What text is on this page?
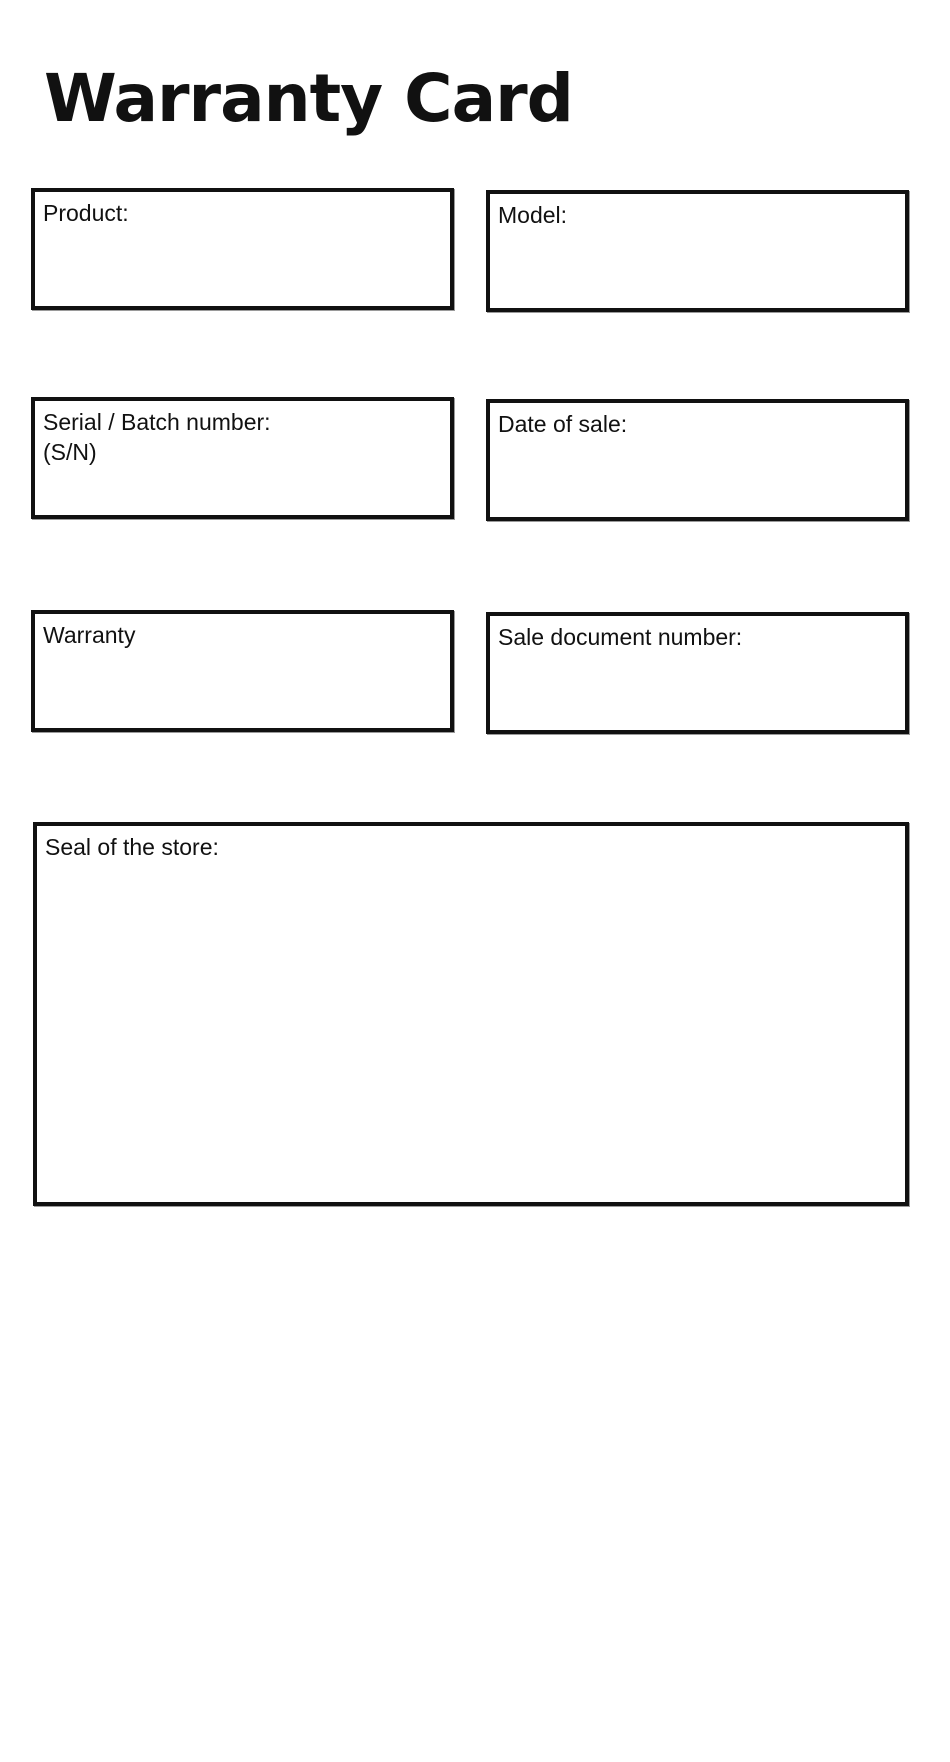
Warranty Card
Product:	Model:
Serial / Batch number:
(S/N)
Date of sale:
Warranty	Sale document number:
Seal of the store:
